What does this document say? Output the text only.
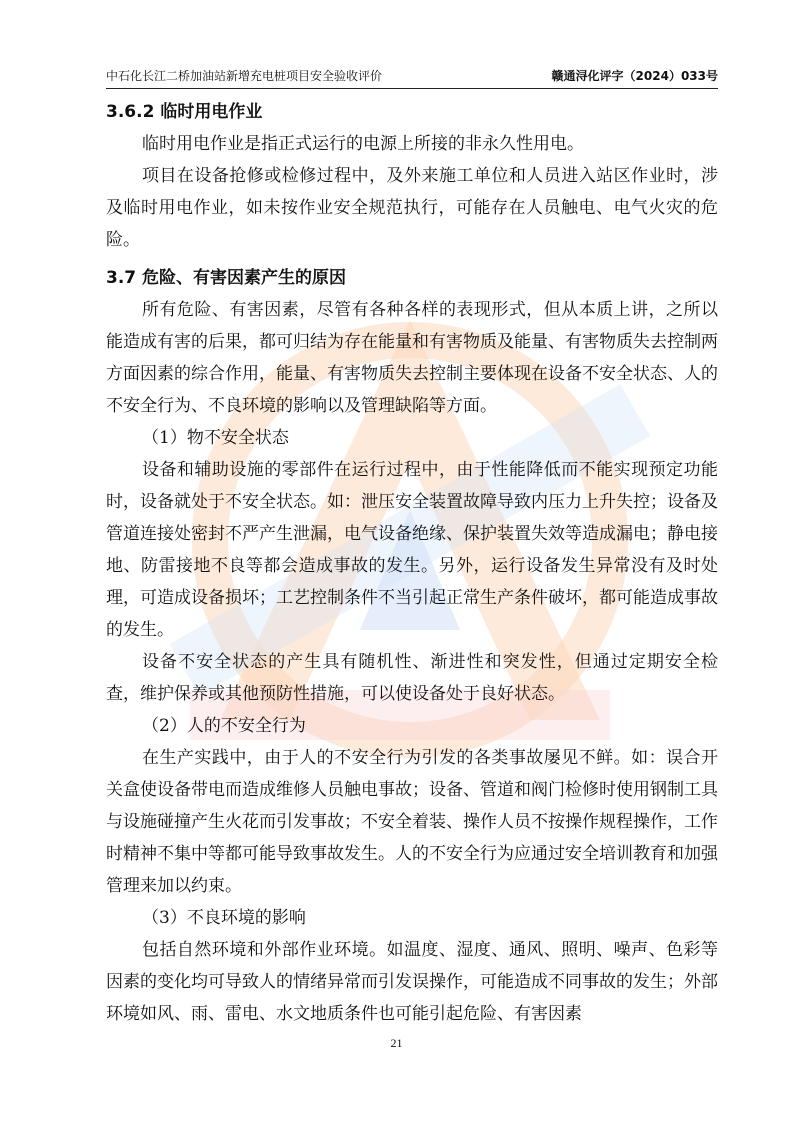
中石化长江二桥加油站新增充电桩项目安全验收评价	赣通浔化评字（2024）033号
3.6.2 临时用电作业

临时用电作业是指正式运行的电源上所接的非永久性用电。

项目在设备抢修或检修过程中，及外来施工单位和人员进入站区作业时，涉及临时用电作业，如未按作业安全规范执行，可能存在人员触电、电气火灾的危险。

3.7 危险、有害因素产生的原因

所有危险、有害因素，尽管有各种各样的表现形式，但从本质上讲，之所以能造成有害的后果，都可归结为存在能量和有害物质及能量、有害物质失去控制两方面因素的综合作用，能量、有害物质失去控制主要体现在设备不安全状态、人的不安全行为、不良环境的影响以及管理缺陷等方面。

（1）物不安全状态

设备和辅助设施的零部件在运行过程中，由于性能降低而不能实现预定功能时，设备就处于不安全状态。如：泄压安全装置故障导致内压力上升失控；设备及管道连接处密封不严产生泄漏，电气设备绝缘、保护装置失效等造成漏电；静电接地、防雷接地不良等都会造成事故的发生。另外，运行设备发生异常没有及时处理，可造成设备损坏；工艺控制条件不当引起正常生产条件破坏，都可能造成事故的发生。

设备不安全状态的产生具有随机性、渐进性和突发性，但通过定期安全检查，维护保养或其他预防性措施，可以使设备处于良好状态。

（2）人的不安全行为

在生产实践中，由于人的不安全行为引发的各类事故屡见不鲜。如：误合开关盒使设备带电而造成维修人员触电事故；设备、管道和阀门检修时使用钢制工具与设施碰撞产生火花而引发事故；不安全着装、操作人员不按操作规程操作，工作时精神不集中等都可能导致事故发生。人的不安全行为应通过安全培训教育和加强管理来加以约束。

（3）不良环境的影响

包括自然环境和外部作业环境。如温度、湿度、通风、照明、噪声、色彩等因素的变化均可导致人的情绪异常而引发误操作，可能造成不同事故的发生；外部环境如风、雨、雷电、水文地质条件也可能引起危险、有害因素

21
